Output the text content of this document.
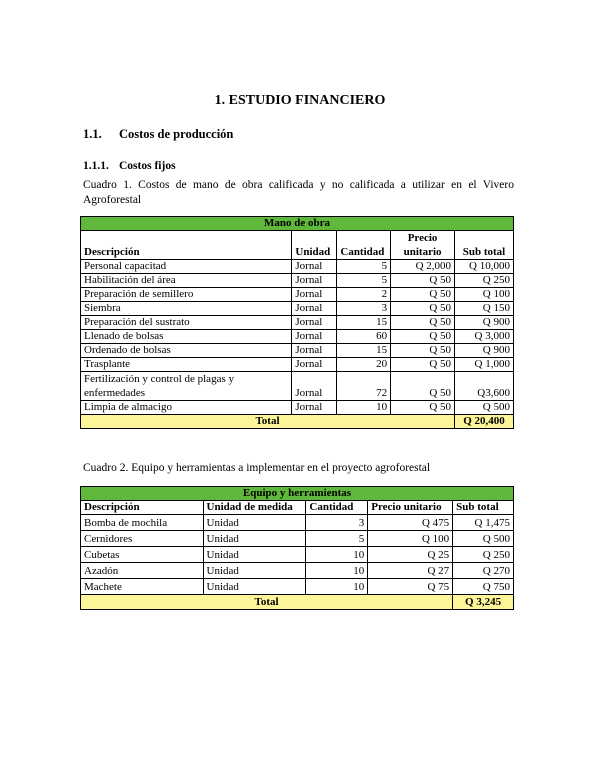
1. ESTUDIO FINANCIERO
1.1. Costos de producción
1.1.1. Costos fijos
Cuadro 1. Costos de mano de obra calificada y no calificada a utilizar en el Vivero Agroforestal
Mano de obra				
Descripción	Unidad	Cantidad	Precio unitario	Sub total
Personal capacitad	Jornal	5	Q 2,000	Q 10,000
Habilitación del área	Jornal	5	Q 50	Q 250
Preparación de semillero	Jornal	2	Q 50	Q 100
Siembra	Jornal	3	Q 50	Q 150
Preparación del sustrato	Jornal	15	Q 50	Q 900
Llenado de bolsas	Jornal	60	Q 50	Q 3,000
Ordenado de bolsas	Jornal	15	Q 50	Q 900
Trasplante	Jornal	20	Q 50	Q 1,000
Fertilización y control de plagas y enfermedades	Jornal	72	Q 50	Q3,600
Limpia de almacigo	Jornal	10	Q 50	Q 500
Total				Q 20,400
Cuadro 2. Equipo y herramientas a implementar en el proyecto agroforestal
Equipo y herramientas				
Descripción	Unidad de medida	Cantidad	Precio unitario	Sub total
Bomba de mochila	Unidad	3	Q 475	Q 1,475
Cernidores	Unidad	5	Q 100	Q 500
Cubetas	Unidad	10	Q 25	Q 250
Azadón	Unidad	10	Q 27	Q 270
Machete	Unidad	10	Q 75	Q 750
Total				Q 3,245
